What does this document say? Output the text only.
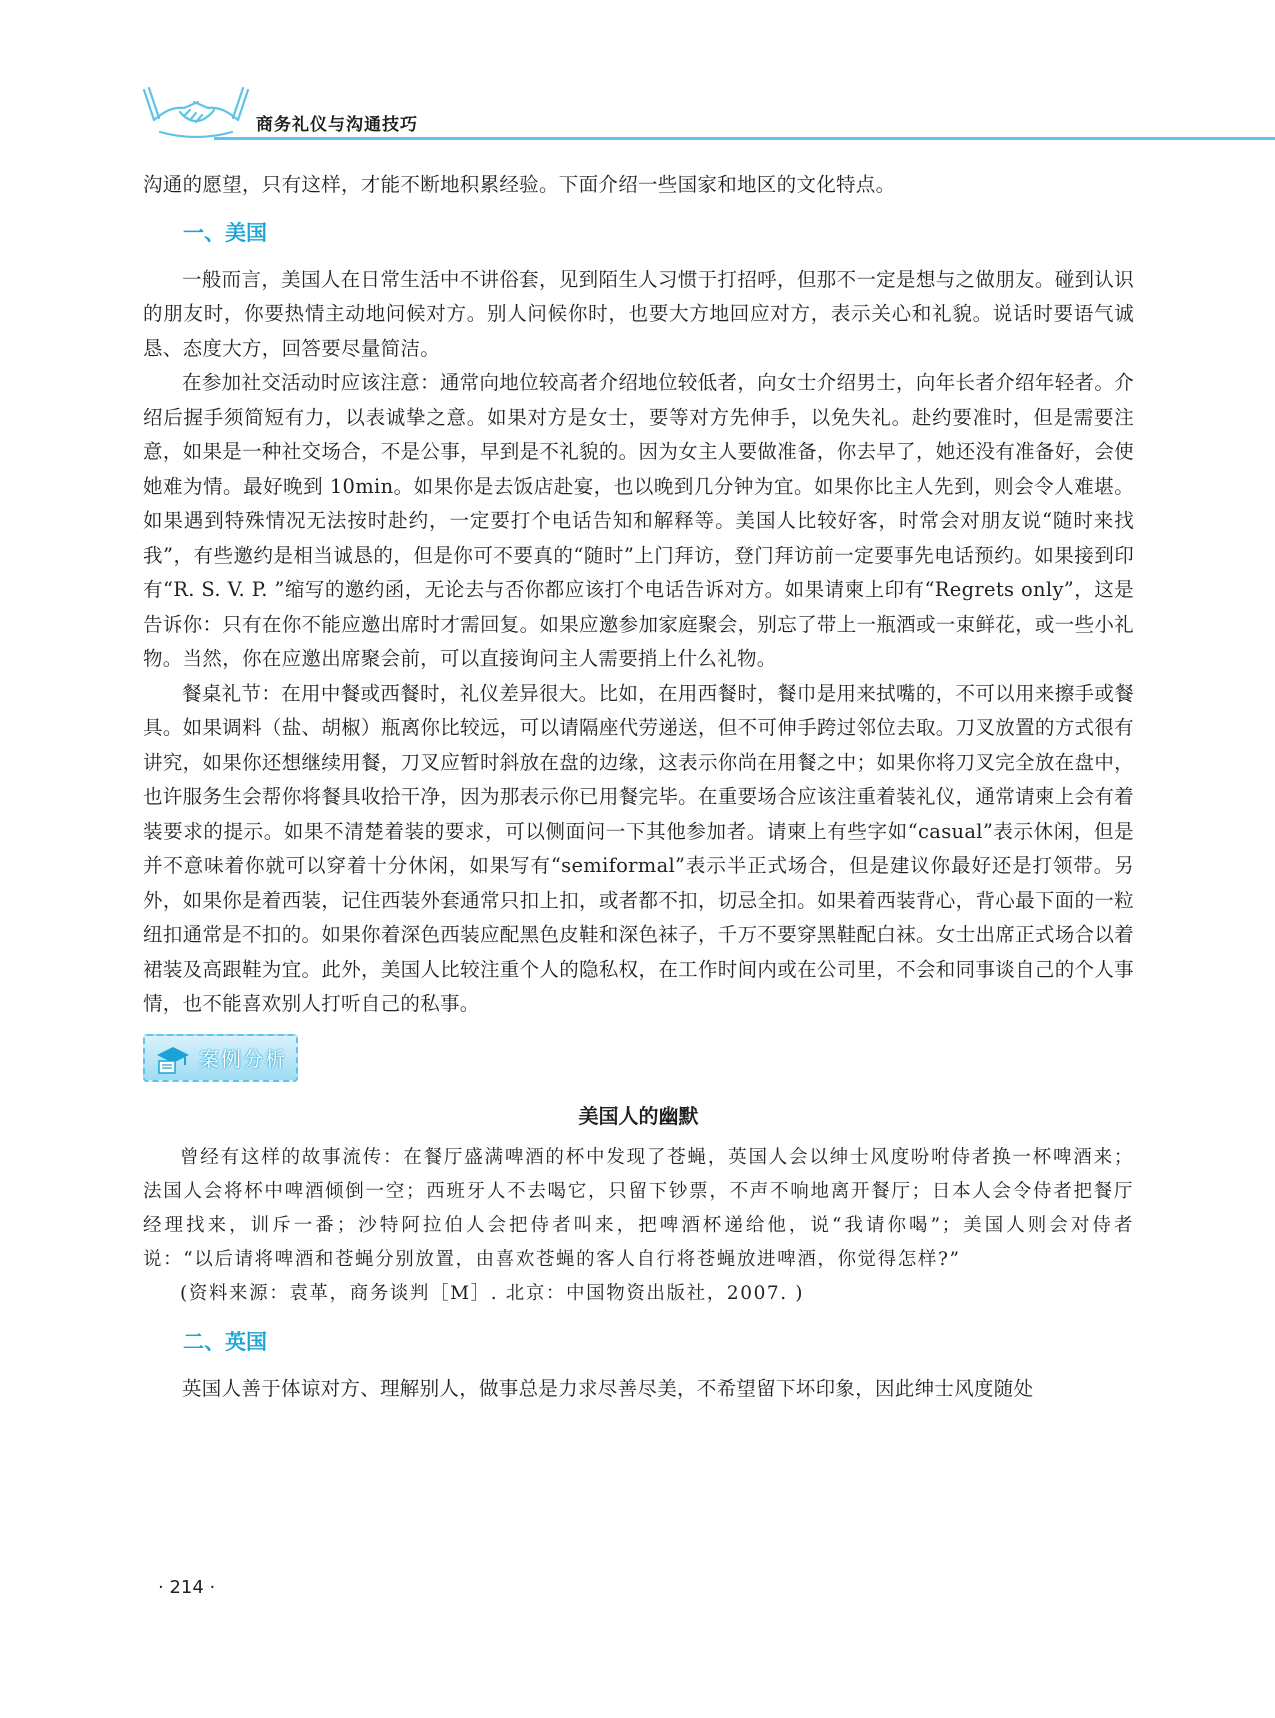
商务礼仪与沟通技巧

沟通的愿望，只有这样，才能不断地积累经验。下面介绍一些国家和地区的文化特点。

一、美国

一般而言，美国人在日常生活中不讲俗套，见到陌生人习惯于打招呼，但那不一定是想与之做朋友。碰到认识的朋友时，你要热情主动地问候对方。别人问候你时，也要大方地回应对方，表示关心和礼貌。说话时要语气诚恳、态度大方，回答要尽量简洁。

在参加社交活动时应该注意：通常向地位较高者介绍地位较低者，向女士介绍男士，向年长者介绍年轻者。介绍后握手须简短有力，以表诚挚之意。如果对方是女士，要等对方先伸手，以免失礼。赴约要准时，但是需要注意，如果是一种社交场合，不是公事，早到是不礼貌的。因为女主人要做准备，你去早了，她还没有准备好，会使她难为情。最好晚到 10min。如果你是去饭店赴宴，也以晚到几分钟为宜。如果你比主人先到，则会令人难堪。如果遇到特殊情况无法按时赴约，一定要打个电话告知和解释等。美国人比较好客，时常会对朋友说“随时来找我”，有些邀约是相当诚恳的，但是你可不要真的“随时”上门拜访，登门拜访前一定要事先电话预约。如果接到印有“R. S. V. P. ”缩写的邀约函，无论去与否你都应该打个电话告诉对方。如果请柬上印有“Regrets only”，这是告诉你：只有在你不能应邀出席时才需回复。如果应邀参加家庭聚会，别忘了带上一瓶酒或一束鲜花，或一些小礼物。当然，你在应邀出席聚会前，可以直接询问主人需要捎上什么礼物。

餐桌礼节：在用中餐或西餐时，礼仪差异很大。比如，在用西餐时，餐巾是用来拭嘴的，不可以用来擦手或餐具。如果调料（盐、胡椒）瓶离你比较远，可以请隔座代劳递送，但不可伸手跨过邻位去取。刀叉放置的方式很有讲究，如果你还想继续用餐，刀叉应暂时斜放在盘的边缘，这表示你尚在用餐之中；如果你将刀叉完全放在盘中，也许服务生会帮你将餐具收拾干净，因为那表示你已用餐完毕。在重要场合应该注重着装礼仪，通常请柬上会有着装要求的提示。如果不清楚着装的要求，可以侧面问一下其他参加者。请柬上有些字如“casual”表示休闲，但是并不意味着你就可以穿着十分休闲，如果写有“semiformal”表示半正式场合，但是建议你最好还是打领带。另外，如果你是着西装，记住西装外套通常只扣上扣，或者都不扣，切忌全扣。如果着西装背心，背心最下面的一粒纽扣通常是不扣的。如果你着深色西装应配黑色皮鞋和深色袜子，千万不要穿黑鞋配白袜。女士出席正式场合以着裙装及高跟鞋为宜。此外，美国人比较注重个人的隐私权，在工作时间内或在公司里，不会和同事谈自己的个人事情，也不能喜欢别人打听自己的私事。

案例分析
美国人的幽默

曾经有这样的故事流传：在餐厅盛满啤酒的杯中发现了苍蝇，英国人会以绅士风度吩咐侍者换一杯啤酒来；法国人会将杯中啤酒倾倒一空；西班牙人不去喝它，只留下钞票，不声不响地离开餐厅；日本人会令侍者把餐厅经理找来，训斥一番；沙特阿拉伯人会把侍者叫来，把啤酒杯递给他，说“我请你喝”；美国人则会对侍者说：“以后请将啤酒和苍蝇分别放置，由喜欢苍蝇的客人自行将苍蝇放进啤酒，你觉得怎样?”

(资料来源：袁革，商务谈判［M］. 北京：中国物资出版社，2007. )

二、英国

英国人善于体谅对方、理解别人，做事总是力求尽善尽美，不希望留下坏印象，因此绅士风度随处

· 214 ·
